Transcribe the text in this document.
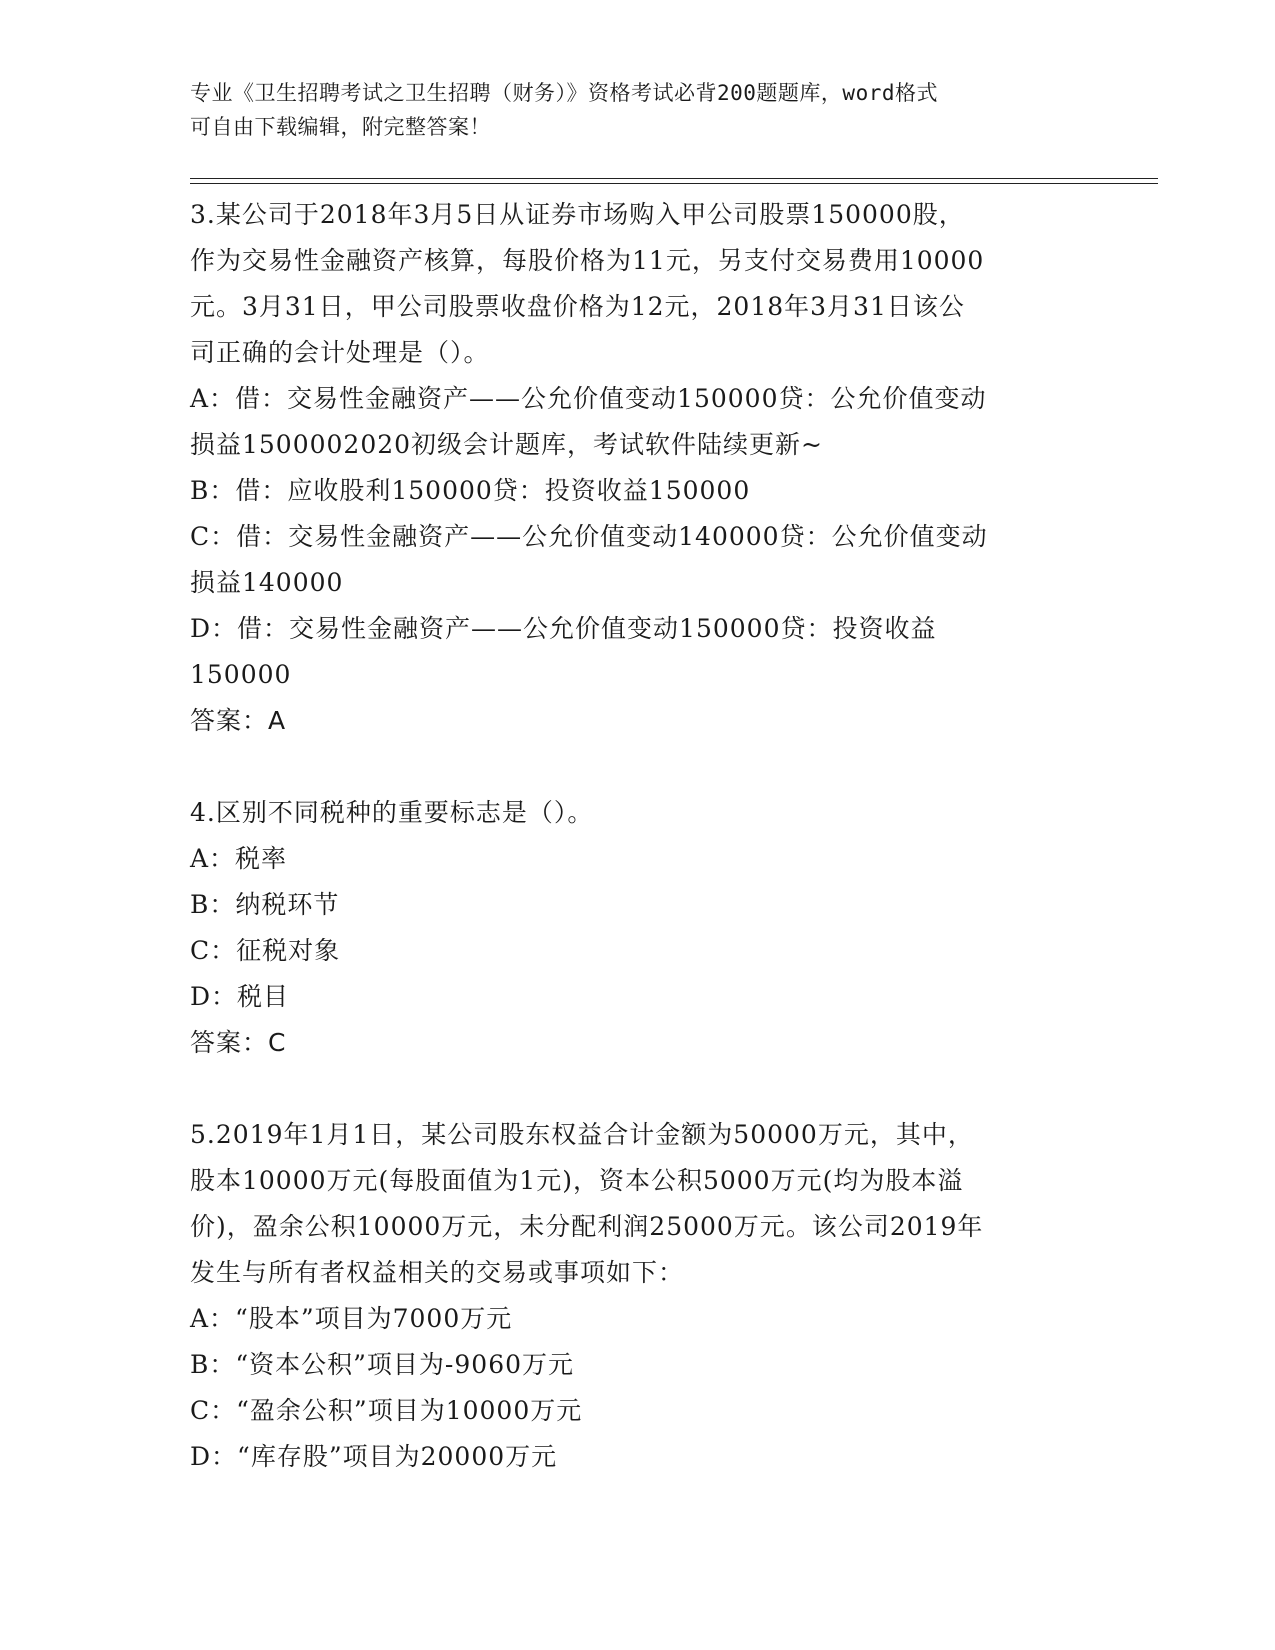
专业《卫生招聘考试之卫生招聘（财务）》资格考试必背200题题库，word格式
可自由下载编辑，附完整答案！
3.某公司于2018年3月5日从证券市场购入甲公司股票150000股，
作为交易性金融资产核算，每股价格为11元，另支付交易费用10000
元。3月31日，甲公司股票收盘价格为12元，2018年3月31日该公
司正确的会计处理是（）。
A：借：交易性金融资产——公允价值变动150000贷：公允价值变动
损益1500002020初级会计题库，考试软件陆续更新~
B：借：应收股利150000贷：投资收益150000
C：借：交易性金融资产——公允价值变动140000贷：公允价值变动
损益140000
D：借：交易性金融资产——公允价值变动150000贷：投资收益
150000
答案：A
4.区别不同税种的重要标志是（）。
A：税率
B：纳税环节
C：征税对象
D：税目
答案：C
5.2019年1月1日，某公司股东权益合计金额为50000万元，其中，
股本10000万元(每股面值为1元)，资本公积5000万元(均为股本溢
价)，盈余公积10000万元，未分配利润25000万元。该公司2019年
发生与所有者权益相关的交易或事项如下：
A：“股本”项目为7000万元
B：“资本公积”项目为-9060万元
C：“盈余公积”项目为10000万元
D：“库存股”项目为20000万元
